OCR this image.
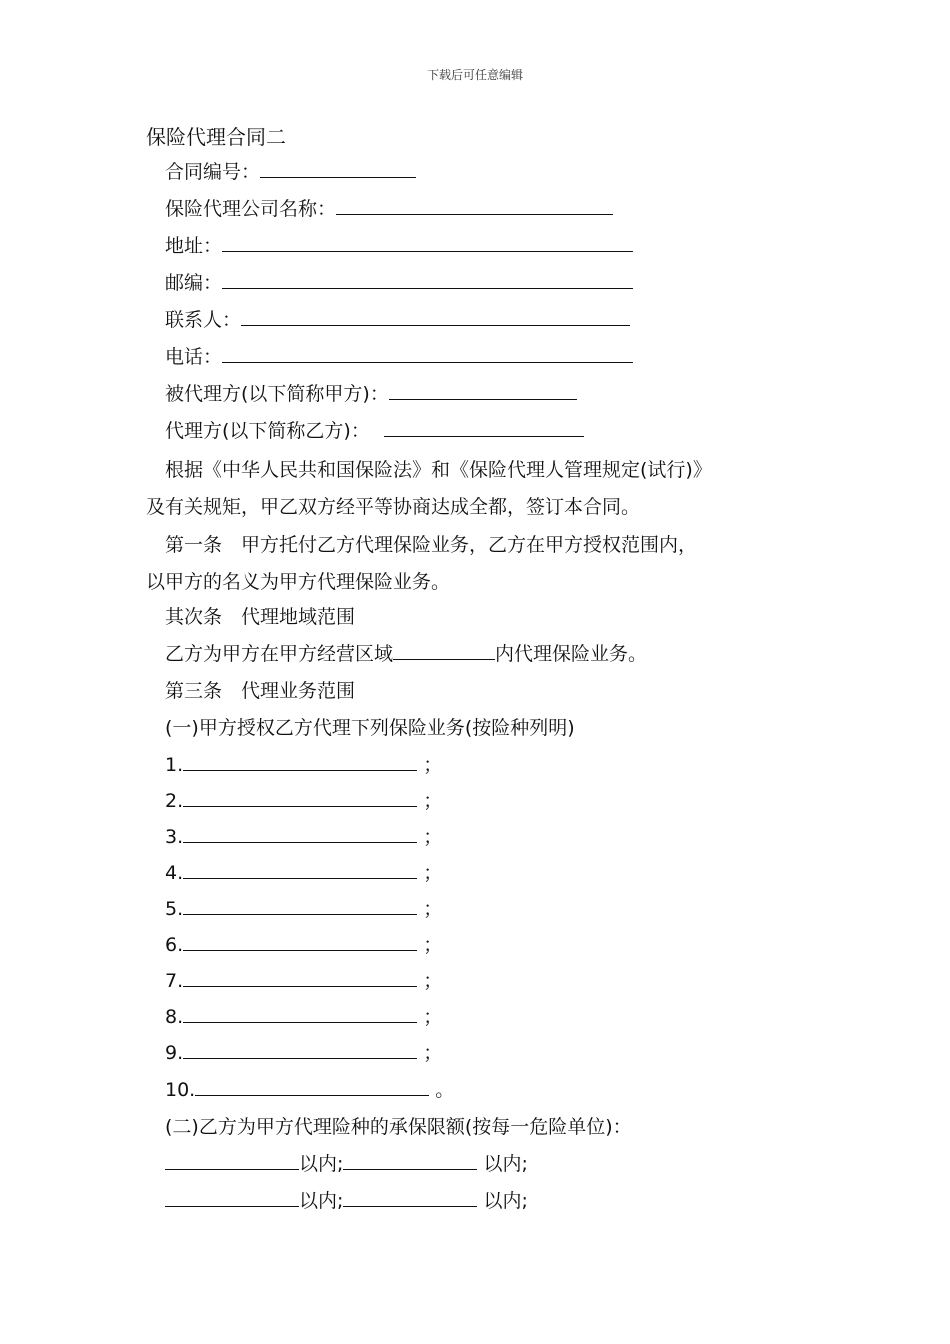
下载后可任意编辑
保险代理合同二
合同编号：
保险代理公司名称：
地址：
邮编：
联系人：
电话：
被代理方(以下简称甲方)：
代理方(以下简称乙方)：
根据《中华人民共和国保险法》和《保险代理人管理规定(试行)》
及有关规矩，甲乙双方经平等协商达成全都，签订本合同。
第一条　甲方托付乙方代理保险业务，乙方在甲方授权范围内，
以甲方的名义为甲方代理保险业务。
其次条　代理地域范围
乙方为甲方在甲方经营区域	内代理保险业务。
第三条　代理业务范围
(一)甲方授权乙方代理下列保险业务(按险种列明)
1.	；
2.	；
3.	；
4.	；
5.	；
6.	；
7.	；
8.	；
9.	；
10.	。
(二)乙方为甲方代理险种的承保限额(按每一危险单位)：
以内;	以内;
以内;	以内;
